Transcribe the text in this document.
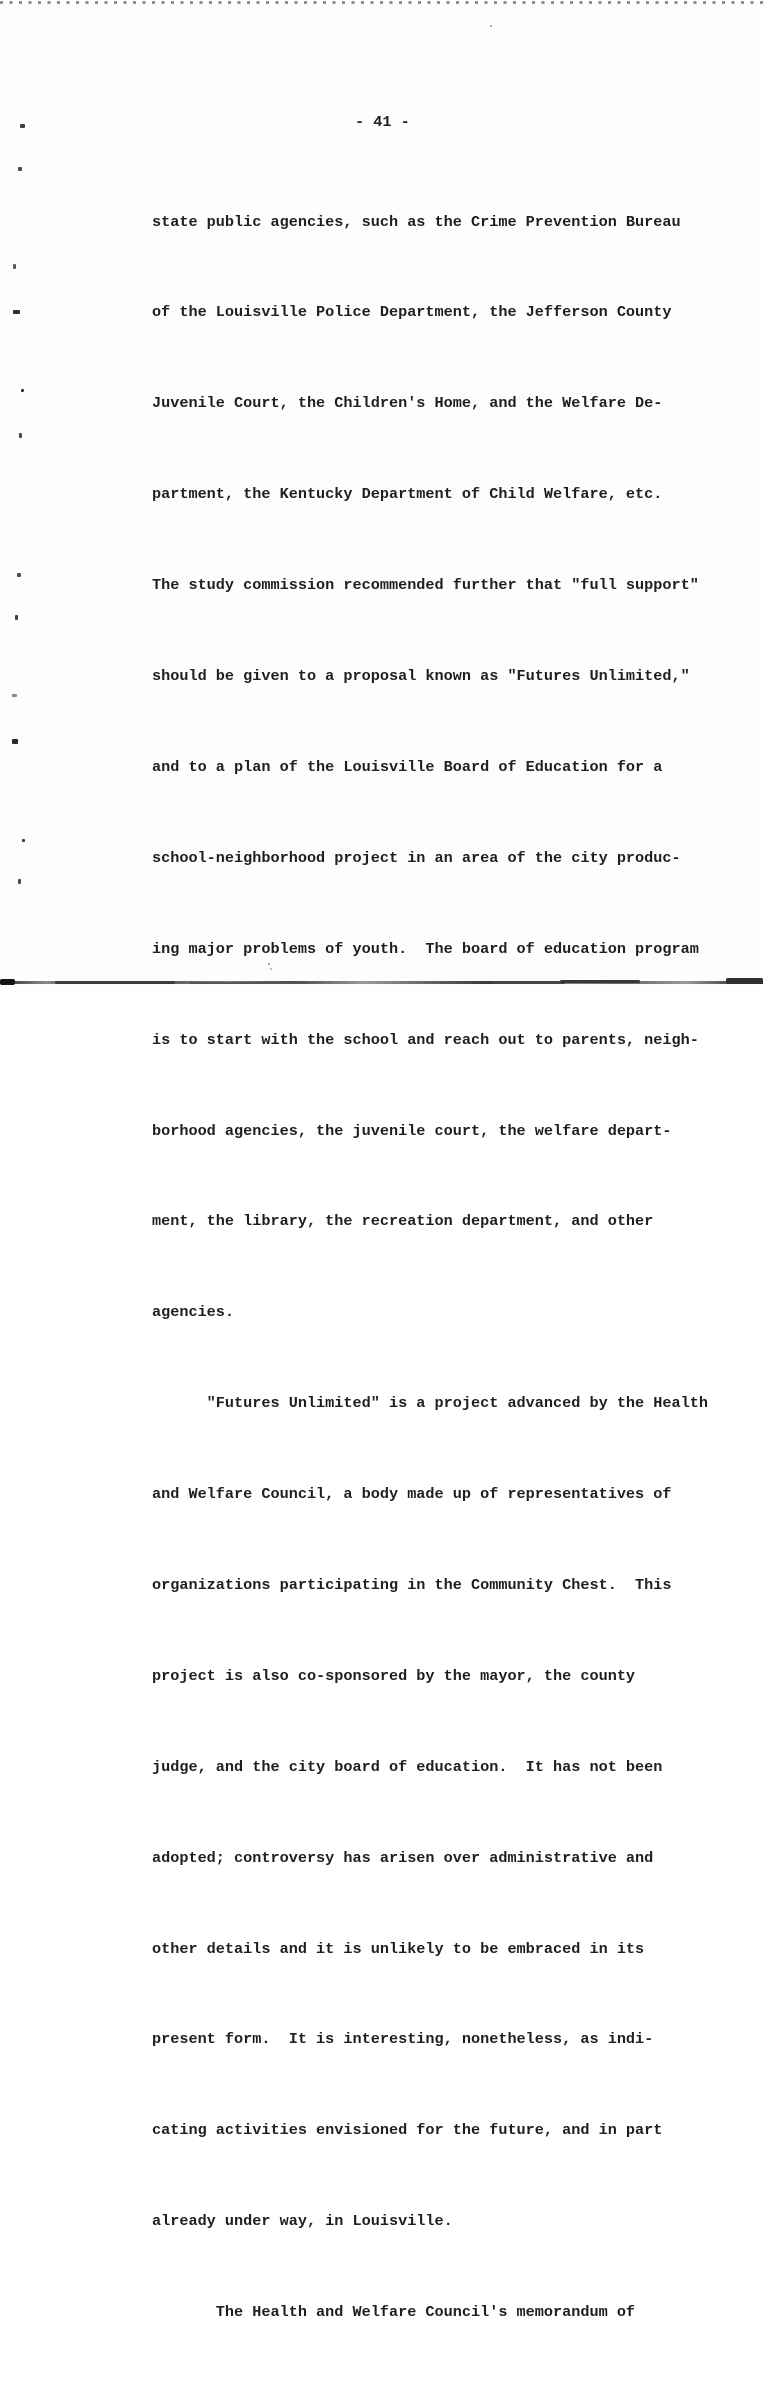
- 41 -

state public agencies, such as the Crime Prevention Bureau

of the Louisville Police Department, the Jefferson County

Juvenile Court, the Children's Home, and the Welfare De-

partment, the Kentucky Department of Child Welfare, etc.

The study commission recommended further that "full support"

should be given to a proposal known as "Futures Unlimited,"

and to a plan of the Louisville Board of Education for a

school-neighborhood project in an area of the city produc-

ing major problems of youth.  The board of education program

is to start with the school and reach out to parents, neigh-

borhood agencies, the juvenile court, the welfare depart-

ment, the library, the recreation department, and other

agencies.

"Futures Unlimited" is a project advanced by the Health

and Welfare Council, a body made up of representatives of

organizations participating in the Community Chest.  This

project is also co-sponsored by the mayor, the county

judge, and the city board of education.  It has not been

adopted; controversy has arisen over administrative and

other details and it is unlikely to be embraced in its

present form.  It is interesting, nonetheless, as indi-

cating activities envisioned for the future, and in part

already under way, in Louisville.

The Health and Welfare Council's memorandum of
